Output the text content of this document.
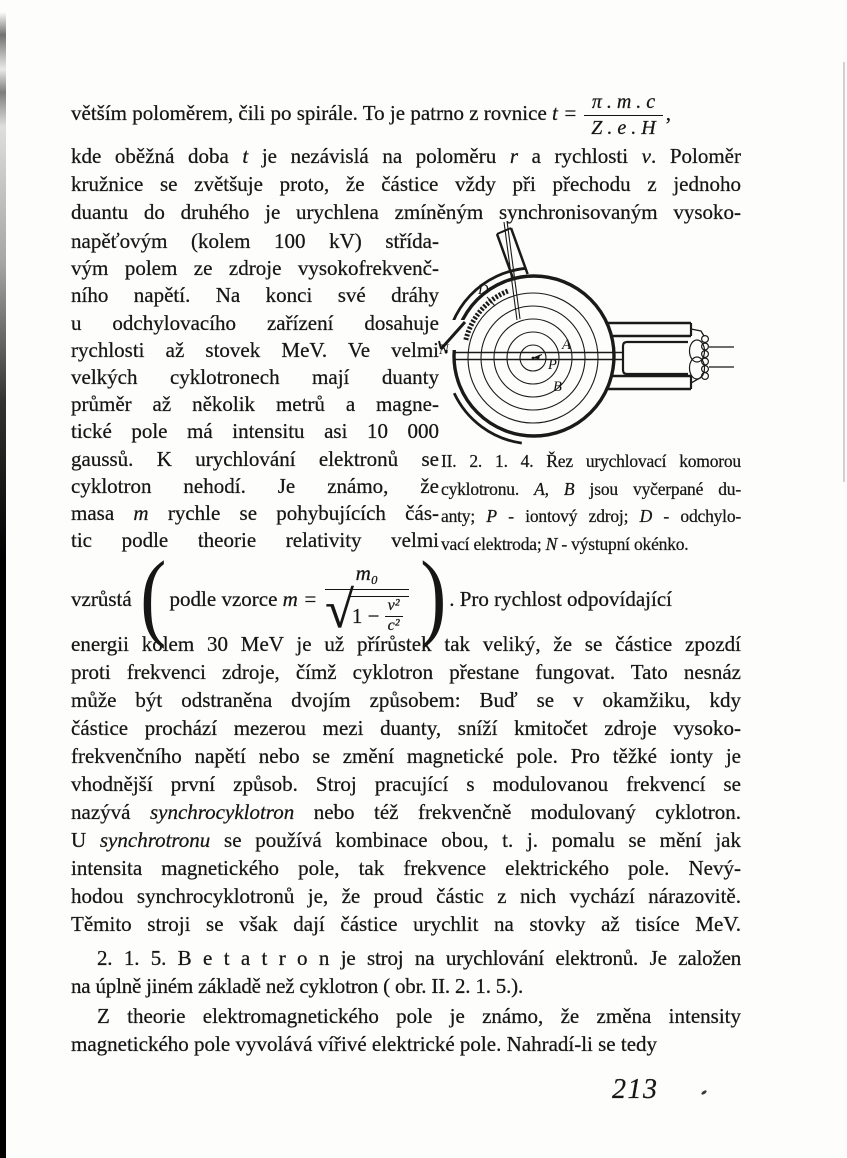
větším poloměrem, čili po spirále. To je patrno z rovnice $t = \frac{\pi . m . c}{Z . e . H}$ ,
kde oběžná doba t je nezávislá na poloměru r a rychlosti v. Poloměr
kružnice se zvětšuje proto, že částice vždy při přechodu z jednoho
duantu do druhého je urychlena zmíněným synchronisovaným vysoko-
napěťovým (kolem 100 kV) střída-
vým polem ze zdroje vysokofrekvenč-
ního napětí. Na konci své dráhy
u odchylovacího zařízení dosahuje
rychlosti až stovek MeV. Ve velmi
velkých cyklotronech mají duanty
průměr až několik metrů a magne-
tické pole má intensitu asi 10 000
gaussů. K urychlování elektronů se
cyklotron nehodí. Je známo, že
masa m rychle se pohybujících čás-
tic podle theorie relativity velmi
D
N	A
P
B
II. 2. 1. 4. Řez urychlovací komorou
cyklotronu. A, B jsou vyčerpané du-
anty; P - iontový zdroj; D - odchylo-
vací elektroda; N - výstupní okénko.
vzrůstá ( podle vzorce m = m₀
√
$1 - \frac{\text{v²}}{\text{c²}}$ ) . Pro rychlost odpovídající
energii kolem 30 MeV je už přírůstek tak veliký, že se částice zpozdí
proti frekvenci zdroje, čímž cyklotron přestane fungovat. Tato nesnáz
může být odstraněna dvojím způsobem: Buď se v okamžiku, kdy
částice prochází mezerou mezi duanty, sníží kmitočet zdroje vysoko-
frekvenčního napětí nebo se změní magnetické pole. Pro těžké ionty je
vhodnější první způsob. Stroj pracující s modulovanou frekvencí se
nazývá synchrocyklotron nebo též frekvenčně modulovaný cyklotron.
U synchrotronu se používá kombinace obou, t. j. pomalu se mění jak
intensita magnetického pole, tak frekvence elektrického pole. Nevý-
hodou synchrocyklotronů je, že proud částic z nich vychází nárazovitě.
Těmito stroji se však dají částice urychlit na stovky až tisíce MeV.
2. 1. 5. B e t a t r o n je stroj na urychlování elektronů. Je založen
na úplně jiném základě než cyklotron ( obr. II. 2. 1. 5.).
Z theorie elektromagnetického pole je známo, že změna intensity
magnetického pole vyvolává vířivé elektrické pole. Nahradí-li se tedy
213
